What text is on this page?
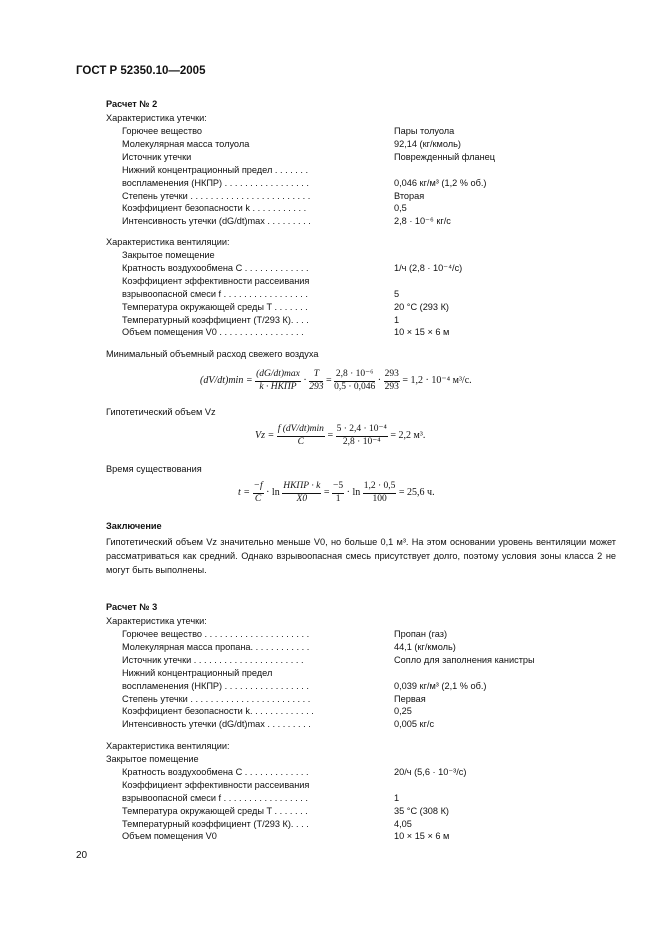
ГОСТ Р 52350.10—2005
Расчет № 2
Характеристика утечки:
Горючее вещество	Пары толуола
Молекулярная масса толуола	92,14 (кг/кмоль)
Источник утечки	Поврежденный фланец
Нижний концентрационный предел . . . . . . .
воспламенения (НКПР) . . . . . . . . . . . . . . . . .	0,046 кг/м³ (1,2 % об.)
Степень утечки . . . . . . . . . . . . . . . . . . . . . . . .	Вторая
Коэффициент безопасности k . . . . . . . . . . .	0,5
Интенсивность утечки (dG/dt)max . . . . . . . . .	2,8 · 10⁻⁶ кг/с
Характеристика вентиляции:
Закрытое помещение
Кратность воздухообмена C . . . . . . . . . . . . .	1/ч (2,8 · 10⁻⁴/с)
Коэффициент эффективности рассеивания
взрывоопасной смеси f . . . . . . . . . . . . . . . . .	5
Температура окружающей среды T . . . . . . .	20 °С (293 К)
Температурный коэффициент (Т/293 К). . . .	1
Объем помещения V0 . . . . . . . . . . . . . . . . .	10 × 15 × 6 м
Минимальный объемный расход свежего воздуха
$(dV/dt)\min = \frac{(dG/dt)\max}{\text{k · НКПР}} \cdot \frac{T}{293} = \frac{\text{2,8 · 10⁻⁶}}{0,5 \cdot 0,046} \cdot \frac{293}{293} = 1,2 \cdot 10^{-4}$ м³/с.
Гипотетический объем Vz
$Vz = \frac{f (dV/dt)\min}{C} = \frac{\text{5 · 2,4 · 10⁻⁴}}{\text{2,8 · 10⁻⁴}} = 2,2$ м³.
Время существования
$t = \frac{-f}{C} \cdot \ln \frac{\text{НКПР · k}}{X0} = \frac{-5}{1} \cdot \ln \frac{1,2 \cdot 0,5}{100} = 25,6$ ч.
Заключение
Гипотетический объем Vz значительно меньше V0, но больше 0,1 м³. На этом основании уровень вентиляции может рассматриваться как средний. Однако взрывоопасная смесь присутствует долго, поэтому условия зоны класса 2 не могут быть выполнены.
Расчет № 3
Характеристика утечки:
Горючее вещество . . . . . . . . . . . . . . . . . . . . .	Пропан (газ)
Молекулярная масса пропана. . . . . . . . . . . .	44,1 (кг/кмоль)
Источник утечки . . . . . . . . . . . . . . . . . . . . . .	Сопло для заполнения канистры
Нижний концентрационный предел
воспламенения (НКПР) . . . . . . . . . . . . . . . . .	0,039 кг/м³ (2,1 % об.)
Степень утечки . . . . . . . . . . . . . . . . . . . . . . . .	Первая
Коэффициент безопасности k. . . . . . . . . . . . .	0,25
Интенсивность утечки (dG/dt)max . . . . . . . . .	0,005 кг/с
Характеристика вентиляции:
Закрытое помещение
Кратность воздухообмена C . . . . . . . . . . . . .	20/ч (5,6 · 10⁻³/с)
Коэффициент эффективности рассеивания
взрывоопасной смеси f . . . . . . . . . . . . . . . . .	1
Температура окружающей среды T . . . . . . .	35 °С (308 К)
Температурный коэффициент (Т/293 К). . . .	4,05
Объем помещения V0	10 × 15 × 6 м
20
